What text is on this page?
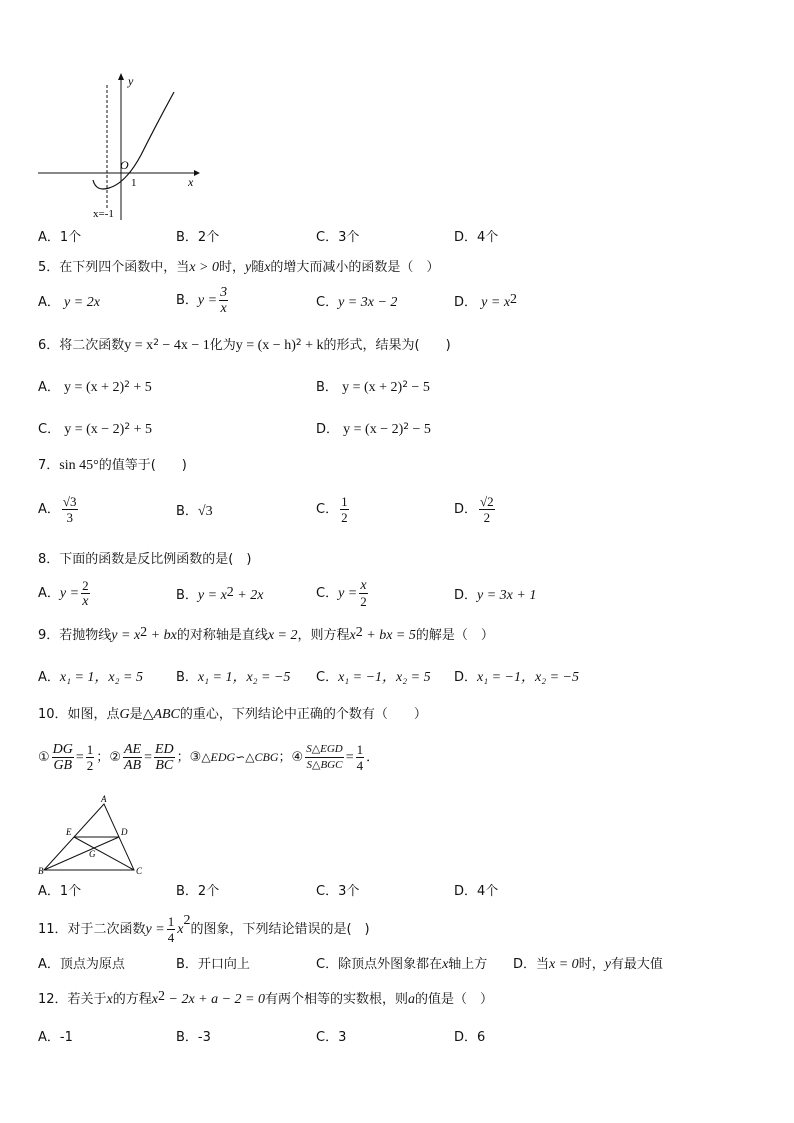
y
x
O
1
x=-1
A．1个	B．2个	C．3个	D．4个
5．在下列四个函数中，当x > 0时，y随x的增大而减小的函数是（　）
A． y = 2x	B．$y = \frac{3}{x}$	C．y = 3x − 2	D． $y = x^2$
6．将二次函数$y = x^2 - 4x - 1$化为$y = (x - h)^2 + k$的形式，结果为(　　)
A． $y = (x + 2)^2 + 5$	B． $y = (x + 2)^2 - 5$
C． $y = (x - 2)^2 + 5$	D． $y = (x - 2)^2 - 5$
7．sin 45°的值等于(　　)
A． $\frac{√3}{3}$	B．√3	C． $\frac{1}{2}$	D． $\frac{√2}{2}$
8．下面的函数是反比例函数的是(　)
A．$y = \frac{2}{x}$	B．$y = x^2 + 2x$	C．$y = \frac{x}{2}$	D．y = 3x + 1
9．若抛物线$y = x^2$ + bx的对称轴是直线x = 2，则方程$x^2$ + bx = 5的解是（　）
A．x₁ = 1，x₂ = 5	B．x₁ = 1，x₂ = −5 C．x₁ = −1，x₂ = 5 D．x₁ = −1，x₂ = −5
10．如图，点G是△ABC的重心，下列结论中正确的个数有（　　）
① $\frac{DG}{GB} = \frac{1}{2}$ ；② $\frac{AE}{AB} = \frac{ED}{BC}$ ；③△EDG∽△CBG；④ $\frac{\text{S△EGD}}{\text{S△BGC}} = \frac{1}{4}$ ．
A
B	C
D
E
G
A．1个	B．2个	C．3个	D．4个
11．对于二次函数$y = \frac{1}{4} x^2$的图象，下列结论错误的是(　)
A．顶点为原点	B．开口向上	C．除顶点外图象都在x轴上方 D．当x = 0时，y有最大值
12．若关于x的方程$x^2 - 2x + a - 2 = 0$有两个相等的实数根，则a的值是（　）
A．-1	B．-3	C．3	D．6
